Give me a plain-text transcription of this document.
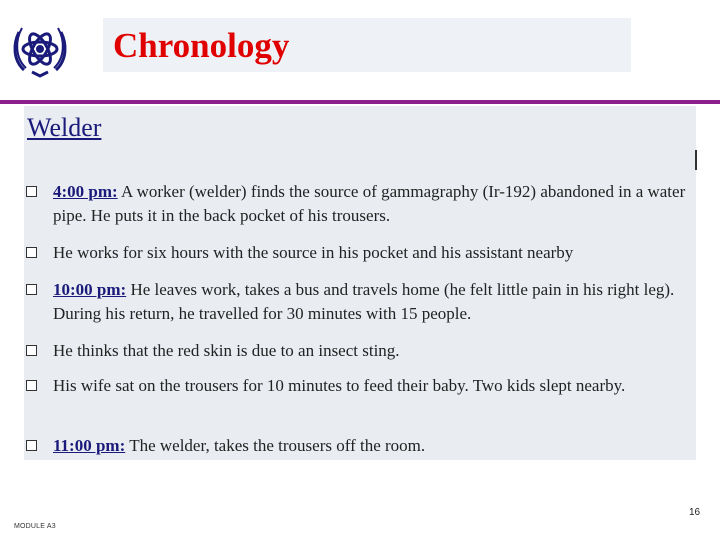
Chronology
Welder
4:00 pm: A worker (welder) finds the source of gammagraphy (Ir-192) abandoned in a water pipe. He puts it in the back pocket of his trousers.
He works for six hours with the source in his pocket and his assistant nearby
10:00 pm: He leaves work, takes a bus and travels home (he felt little pain in his right leg). During his return, he travelled for 30 minutes with 15 people.
He thinks that the red skin is due to an insect sting.
His wife sat on the trousers for 10 minutes to feed their baby. Two kids slept nearby.
11:00 pm: The welder, takes the trousers off the room.
16
MODULE A3
